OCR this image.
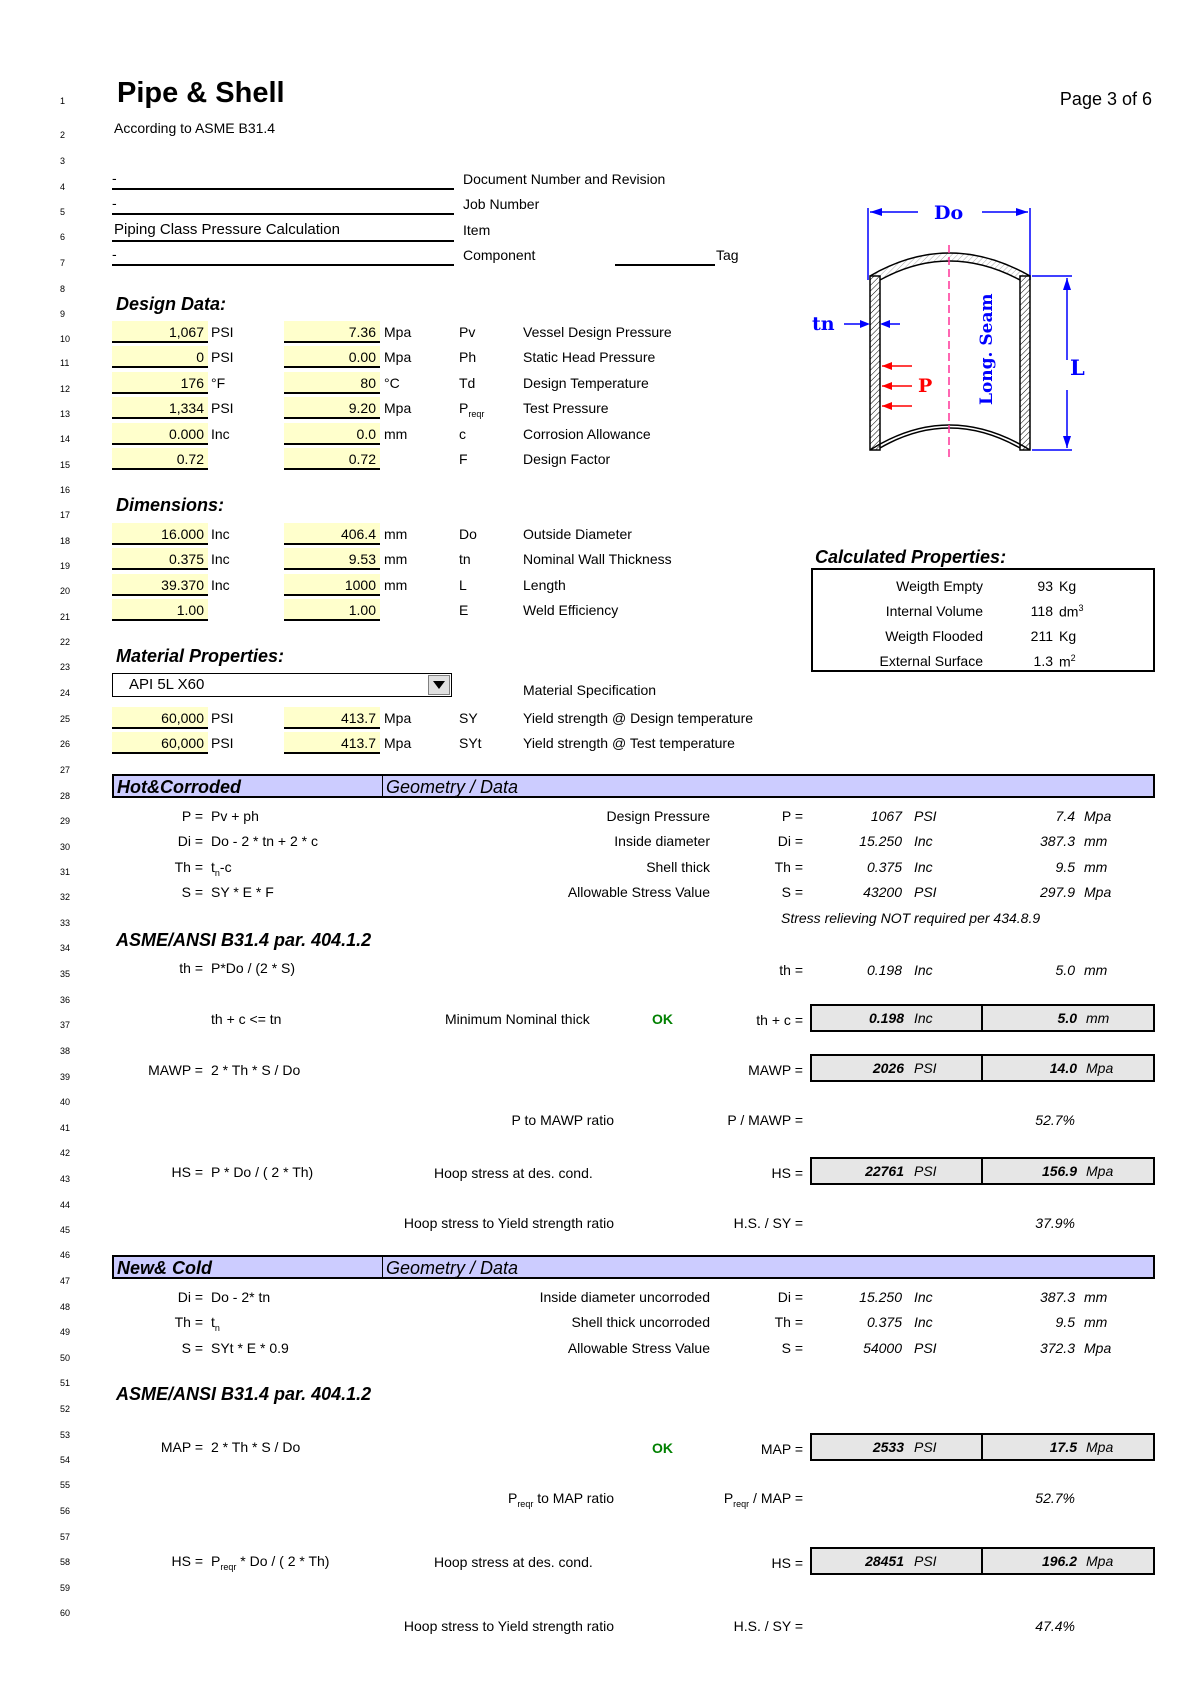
Pipe & Shell
According to ASME B31.4
Page 3 of 6
1
2
3
4
5
6
7
8
9
10
11
12
13
14
15
16
17
18
19
20
21
22
23
24
25
26
27
28
29
30
31
32
33
34
35
36
37
38
39
40
41
42
43
44
45
46
47
48
49
50
51
52
53
54
55
56
57
58
59
60
-	Document Number and Revision
-	Job Number
Piping Class Pressure Calculation	Item
-	Component	Tag
Design Data:
Dimensions:
Material Properties:
Calculated Properties:
1,067 PSI	7.36 Mpa	Pv	Vessel Design Pressure
0 PSI	0.00 Mpa	Ph	Static Head Pressure
176 °F	80 °C	Td	Design Temperature
1,334 PSI	9.20 Mpa	$P_{reqr}$	Test Pressure
0.000 Inc	0.0 mm	c	Corrosion Allowance
0.72	0.72	F	Design Factor
16.000 Inc	406.4 mm	Do	Outside Diameter
0.375 Inc	9.53 mm	tn	Nominal Wall Thickness
39.370 Inc	1000 mm	L	Length
1.00	1.00	E	Weld Efficiency
Weigth Empty	93 Kg
Internal Volume	118 $dm^3$
Weigth Flooded	211 Kg
External Surface	1.3 $m^2$
API 5L X60	Material Specification
60,000 PSI	413.7 Mpa	SY	Yield strength @ Design temperature
60,000 PSI	413.7 Mpa	SYt	Yield strength @ Test temperature
Do
tn
P	Long. Seam	L
Hot&Corroded	Geometry / Data
P = Pv + ph	Design Pressure	P =	1067 PSI	7.4 Mpa
Di = Do - 2 * tn + 2 * c	Inside diameter	Di =	15.250 Inc	387.3 mm
$Th = t_n-c$	Shell thick	Th =	0.375 Inc	9.5 mm
S = SY * E * F	Allowable Stress Value	S =	43200 PSI	297.9 Mpa
Stress relieving NOT required per 434.8.9
ASME/ANSI B31.4 par. 404.1.2
th = P*Do / (2 * S)	th =	0.198 Inc	5.0 mm
th + c <= tn	Minimum Nominal thick	OK	th + c =	0.198 Inc	5.0 mm
MAWP = 2 * Th * S / Do	MAWP =	2026 PSI	14.0 Mpa
P to MAWP ratio	P / MAWP =	52.7%
HS = P * Do / ( 2 * Th)	Hoop stress at des. cond.	HS =	22761 PSI	156.9 Mpa
Hoop stress to Yield strength ratio	H.S. / SY =	37.9%
New& Cold	Geometry / Data
Di = Do - 2* tn	Inside diameter uncorroded	Di =	15.250 Inc	387.3 mm
$Th = t_n$	Shell thick uncorroded	Th =	0.375 Inc	9.5 mm
S = SYt * E * 0.9	Allowable Stress Value	S =	54000 PSI	372.3 Mpa
ASME/ANSI B31.4 par. 404.1.2
MAP = 2 * Th * S / Do	OK	MAP =	2533 PSI	17.5 Mpa
$P_{reqr}$ to MAP ratio	$P_{reqr}$ / MAP =	52.7%
HS = $P_{reqr}$ * Do / ( 2 * Th)	Hoop stress at des. cond.	HS =	28451 PSI	196.2 Mpa
Hoop stress to Yield strength ratio	H.S. / SY =	47.4%
